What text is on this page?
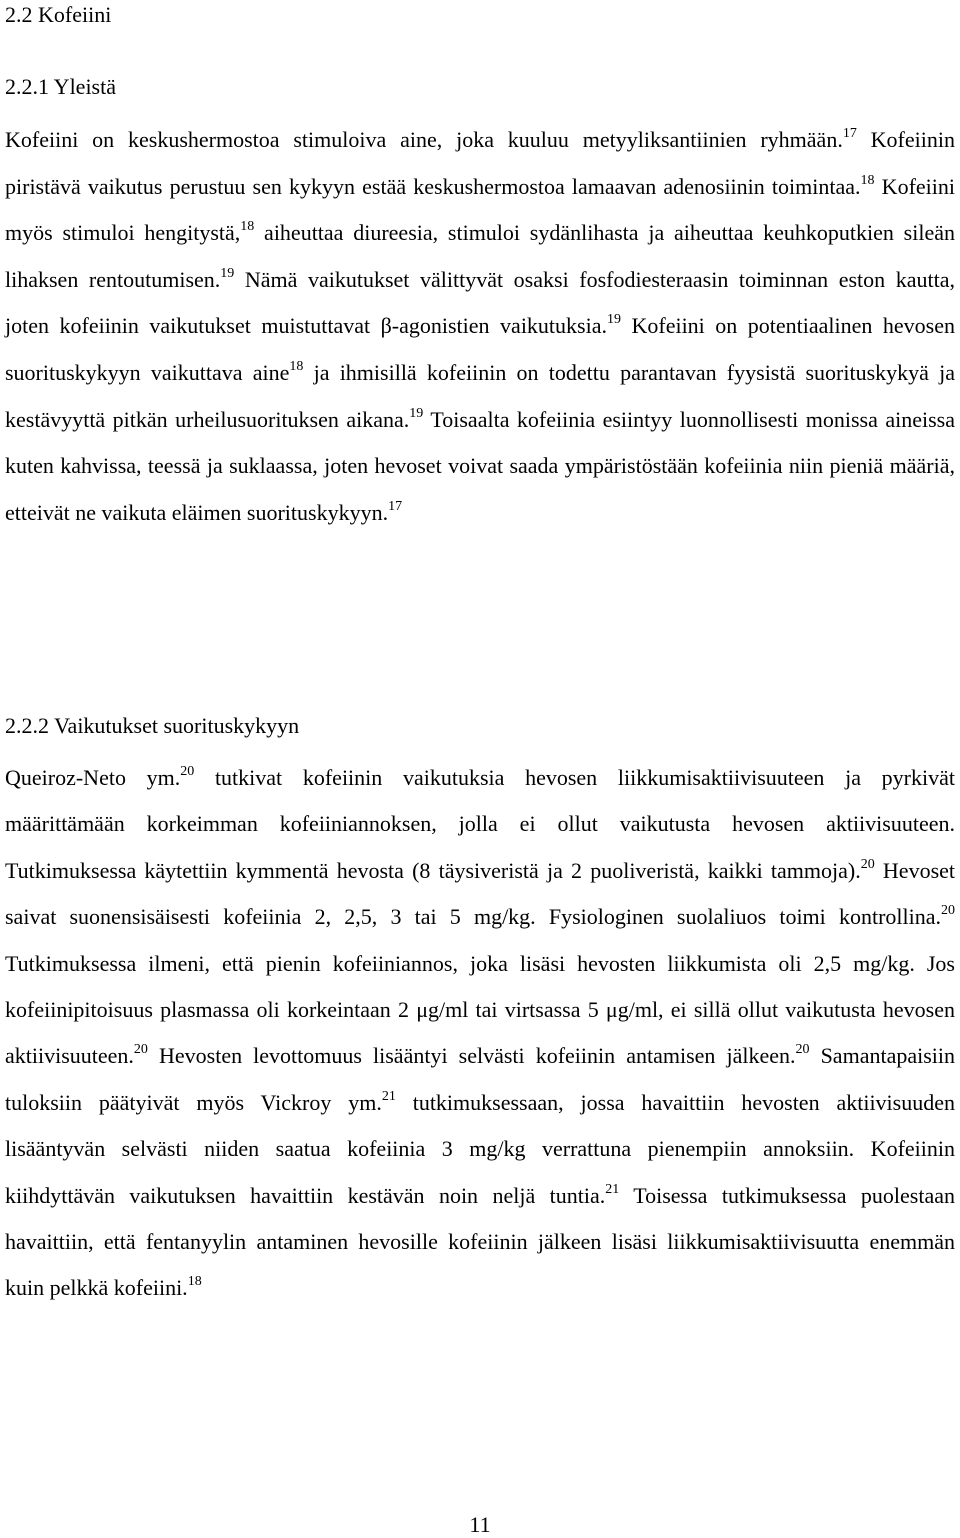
2.2 Kofeiini
2.2.1 Yleistä

Kofeiini on keskushermostoa stimuloiva aine, joka kuuluu metyyliksantiinien ryhmään.$^{17}$ Kofeiinin piristävä vaikutus perustuu sen kykyyn estää keskushermostoa lamaavan adenosiinin toimintaa.$^{18}$ Kofeiini myös stimuloi hengitystä,$^{18}$ aiheuttaa diureesia, stimuloi sydänlihasta ja aiheuttaa keuhkoputkien sileän lihaksen rentoutumisen.$^{19}$ Nämä vaikutukset välittyvät osaksi fosfodiesteraasin toiminnan eston kautta, joten kofeiinin vaikutukset muistuttavat β-agonistien vaikutuksia.$^{19}$ Kofeiini on potentiaalinen hevosen suorituskykyyn vaikuttava aine$^{18}$ ja ihmisillä kofeiinin on todettu parantavan fyysistä suorituskykyä ja kestävyyttä pitkän urheilusuorituksen aikana.$^{19}$ Toisaalta kofeiinia esiintyy luonnollisesti monissa aineissa kuten kahvissa, teessä ja suklaassa, joten hevoset voivat saada ympäristöstään kofeiinia niin pieniä määriä, etteivät ne vaikuta eläimen suorituskykyyn.$^{17}$

2.2.2 Vaikutukset suorituskykyyn

Queiroz-Neto ym.$^{20}$ tutkivat kofeiinin vaikutuksia hevosen liikkumisaktiivisuuteen ja pyrkivät määrittämään korkeimman kofeiiniannoksen, jolla ei ollut vaikutusta hevosen aktiivisuuteen. Tutkimuksessa käytettiin kymmentä hevosta (8 täysiveristä ja 2 puoliveristä, kaikki tammoja).$^{20}$ Hevoset saivat suonensisäisesti kofeiinia 2, 2,5, 3 tai 5 mg/kg. Fysiologinen suolaliuos toimi kontrollina.$^{20}$ Tutkimuksessa ilmeni, että pienin kofeiiniannos, joka lisäsi hevosten liikkumista oli 2,5 mg/kg. Jos kofeiinipitoisuus plasmassa oli korkeintaan 2 μg/ml tai virtsassa 5 μg/ml, ei sillä ollut vaikutusta hevosen aktiivisuuteen.$^{20}$ Hevosten levottomuus lisääntyi selvästi kofeiinin antamisen jälkeen.$^{20}$ Samantapaisiin tuloksiin päätyivät myös Vickroy ym.$^{21}$ tutkimuksessaan, jossa havaittiin hevosten aktiivisuuden lisääntyvän selvästi niiden saatua kofeiinia 3 mg/kg verrattuna pienempiin annoksiin. Kofeiinin kiihdyttävän vaikutuksen havaittiin kestävän noin neljä tuntia.$^{21}$ Toisessa tutkimuksessa puolestaan havaittiin, että fentanyylin antaminen hevosille kofeiinin jälkeen lisäsi liikkumisaktiivisuutta enemmän kuin pelkkä kofeiini.$^{18}$

11
